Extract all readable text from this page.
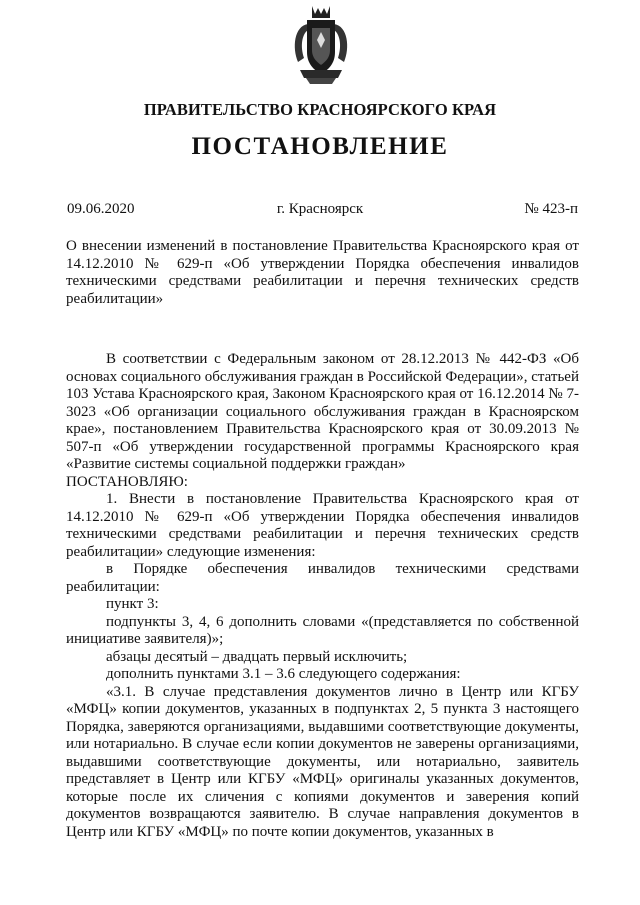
ПРАВИТЕЛЬСТВО КРАСНОЯРСКОГО КРАЯ
ПОСТАНОВЛЕНИЕ
09.06.2020	г. Красноярск	№ 423-п

О внесении изменений в постановление Правительства Красноярского края от 14.12.2010 № 629-п «Об утверждении Порядка обеспечения инвалидов техническими средствами реабилитации и перечня технических средств реабилитации»

В соответствии с Федеральным законом от 28.12.2013 № 442-ФЗ «Об основах социального обслуживания граждан в Российской Федерации», статьей 103 Устава Красноярского края, Законом Красноярского края от 16.12.2014 № 7-3023 «Об организации социального обслуживания граждан в Красноярском крае», постановлением Правительства Красноярского края от 30.09.2013 № 507-п «Об утверждении государственной программы Красноярского края «Развитие системы социальной поддержки граждан»

ПОСТАНОВЛЯЮ:

1. Внести в постановление Правительства Красноярского края от 14.12.2010 № 629-п «Об утверждении Порядка обеспечения инвалидов техническими средствами реабилитации и перечня технических средств реабилитации» следующие изменения:

в Порядке обеспечения инвалидов техническими средствами реабилитации:

пункт 3:

подпункты 3, 4, 6 дополнить словами «(представляется по собственной инициативе заявителя)»;

абзацы десятый – двадцать первый исключить;

дополнить пунктами 3.1 – 3.6 следующего содержания:

«3.1. В случае представления документов лично в Центр или КГБУ «МФЦ» копии документов, указанных в подпунктах 2, 5 пункта 3 настоящего Порядка, заверяются организациями, выдавшими соответствующие документы, или нотариально. В случае если копии документов не заверены организациями, выдавшими соответствующие документы, или нотариально, заявитель представляет в Центр или КГБУ «МФЦ» оригиналы указанных документов, которые после их сличения с копиями документов и заверения копий документов возвращаются заявителю. В случае направления документов в Центр или КГБУ «МФЦ» по почте копии документов, указанных в
